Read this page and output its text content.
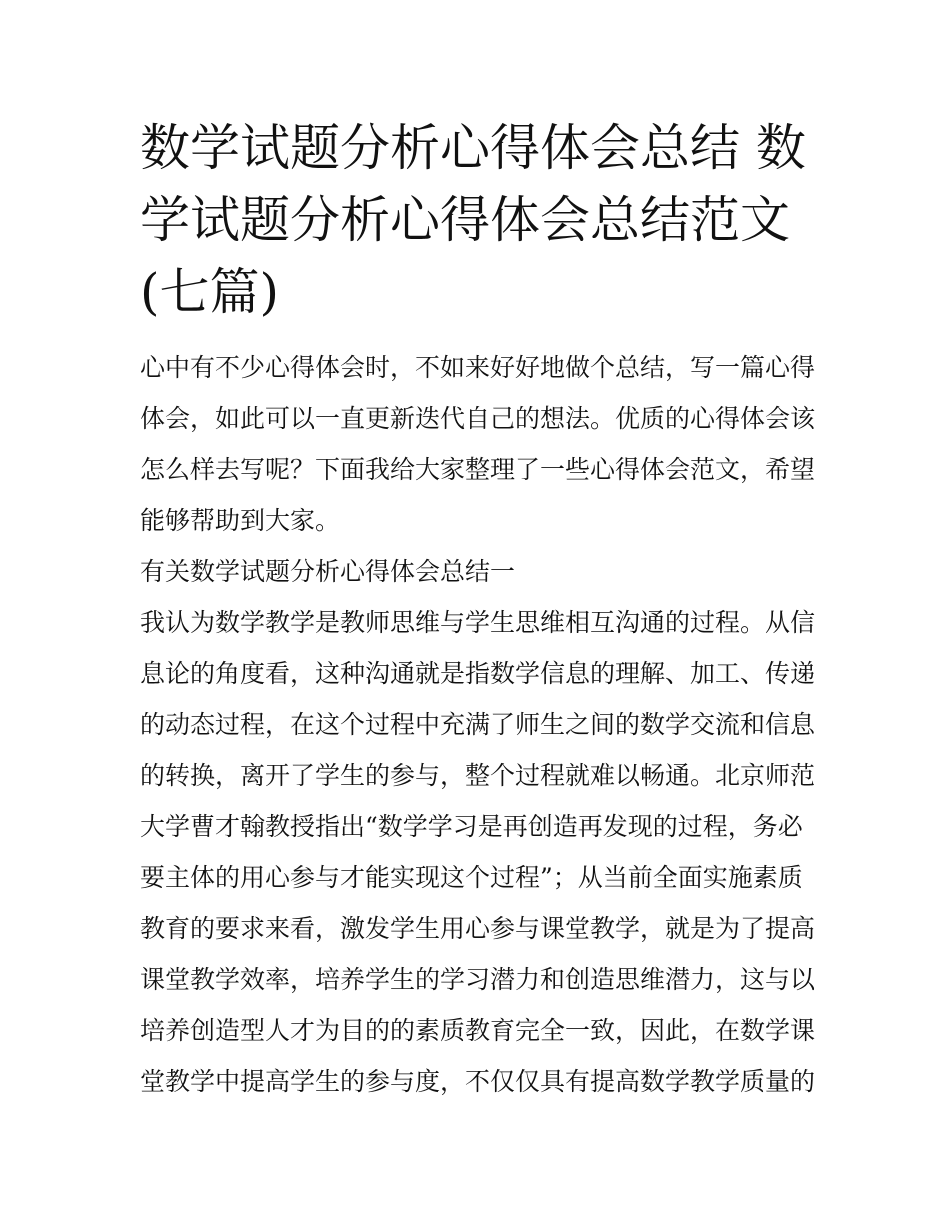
数学试题分析心得体会总结 数
学试题分析心得体会总结范文
(七篇)
心中有不少心得体会时，不如来好好地做个总结，写一篇心得
体会，如此可以一直更新迭代自己的想法。优质的心得体会该
怎么样去写呢？下面我给大家整理了一些心得体会范文，希望
能够帮助到大家。
有关数学试题分析心得体会总结一
我认为数学教学是教师思维与学生思维相互沟通的过程。从信
息论的角度看，这种沟通就是指数学信息的理解、加工、传递
的动态过程，在这个过程中充满了师生之间的数学交流和信息
的转换，离开了学生的参与，整个过程就难以畅通。北京师范
大学曹才翰教授指出“数学学习是再创造再发现的过程，务必
要主体的用心参与才能实现这个过程”；从当前全面实施素质
教育的要求来看，激发学生用心参与课堂教学，就是为了提高
课堂教学效率，培养学生的学习潜力和创造思维潜力，这与以
培养创造型人才为目的的素质教育完全一致，因此，在数学课
堂教学中提高学生的参与度，不仅仅具有提高数学教学质量的
